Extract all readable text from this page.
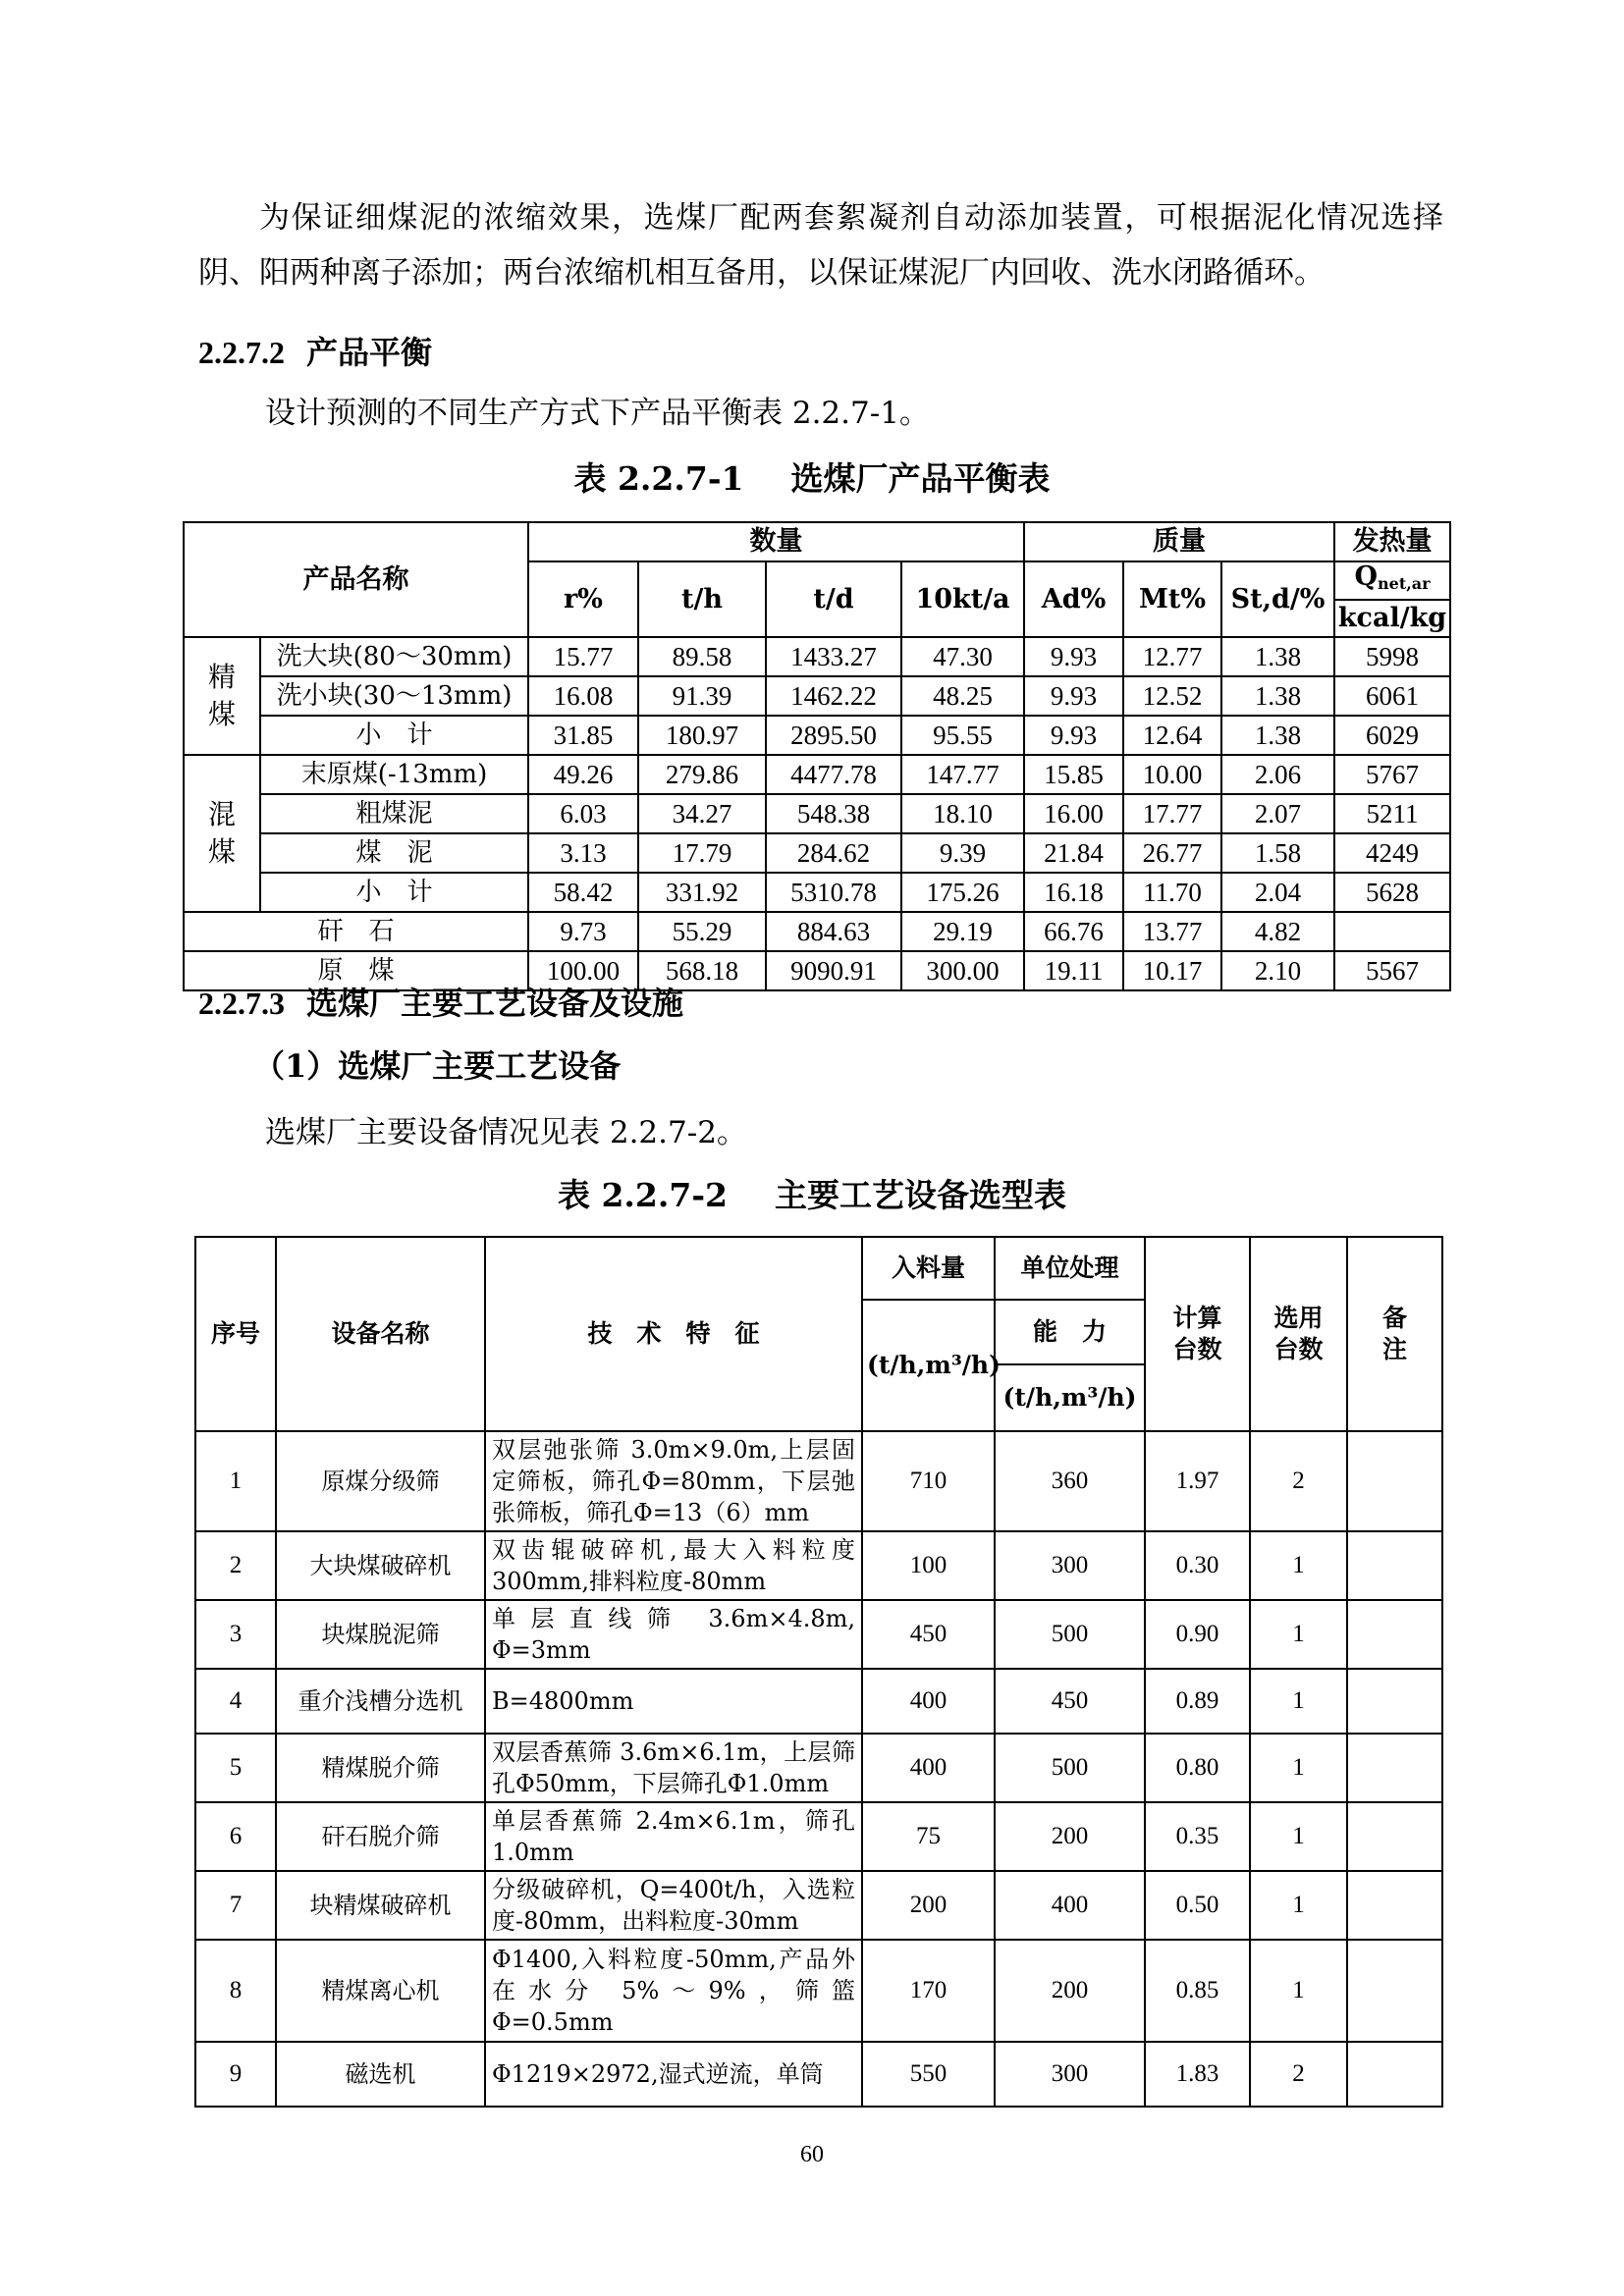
为保证细煤泥的浓缩效果，选煤厂配两套絮凝剂自动添加装置，可根据泥化情况选择阴、阳两种离子添加；两台浓缩机相互备用，以保证煤泥厂内回收、洗水闭路循环。

2.2.7.2 产品平衡

设计预测的不同生产方式下产品平衡表 2.2.7-1。

表 2.2.7-1 选煤厂产品平衡表

产品名称		数量				质量			发热量
		r%	t/h	t/d	10kt/a	Ad%	Mt%	St,d/%	$Q_{net,ar}$
									kcal/kg
精煤	洗大块(80～30mm)	15.77	89.58	1433.27	47.30	9.93	12.77	1.38	5998
	洗小块(30～13mm)	16.08	91.39	1462.22	48.25	9.93	12.52	1.38	6061
	小　计	31.85	180.97	2895.50	95.55	9.93	12.64	1.38	6029
混煤	末原煤(-13mm)	49.26	279.86	4477.78	147.77	15.85	10.00	2.06	5767
	粗煤泥	6.03	34.27	548.38	18.10	16.00	17.77	2.07	5211
	煤　泥	3.13	17.79	284.62	9.39	21.84	26.77	1.58	4249
	小　计	58.42	331.92	5310.78	175.26	16.18	11.70	2.04	5628
矸　石		9.73	55.29	884.63	29.19	66.76	13.77	4.82	
原　煤		100.00	568.18	9090.91	300.00	19.11	10.17	2.10	5567

2.2.7.3 选煤厂主要工艺设备及设施

（1）选煤厂主要工艺设备

选煤厂主要设备情况见表 2.2.7-2。

表 2.2.7-2 主要工艺设备选型表

序号	设备名称	技　术　特　征	入料量	单位处理	计算台数	选用台数	备注
			(t/h,m³/h)	能　力			
				(t/h,m³/h)			
1	原煤分级筛	双层弛张筛 3.0m×9.0m,上层固定筛板，筛孔Φ=80mm，下层弛张筛板，筛孔Φ=13（6）mm	710	360	1.97	2	
2	大块煤破碎机	双齿辊破碎机,最大入料粒度300mm,排料粒度-80mm	100	300	0.30	1	
3	块煤脱泥筛	单层直线筛 3.6m×4.8m, Φ=3mm	450	500	0.90	1	
4	重介浅槽分选机	B=4800mm	400	450	0.89	1	
5	精煤脱介筛	双层香蕉筛 3.6m×6.1m，上层筛孔Φ50mm，下层筛孔Φ1.0mm	400	500	0.80	1	
6	矸石脱介筛	单层香蕉筛 2.4m×6.1m，筛孔1.0mm	75	200	0.35	1	
7	块精煤破碎机	分级破碎机，Q=400t/h，入选粒度-80mm，出料粒度-30mm	200	400	0.50	1	
8	精煤离心机	Φ1400,入料粒度-50mm,产品外在水分 5%～9%，筛篮Φ=0.5mm	170	200	0.85	1	
9	磁选机	Φ1219×2972,湿式逆流，单筒	550	300	1.83	2	

60
